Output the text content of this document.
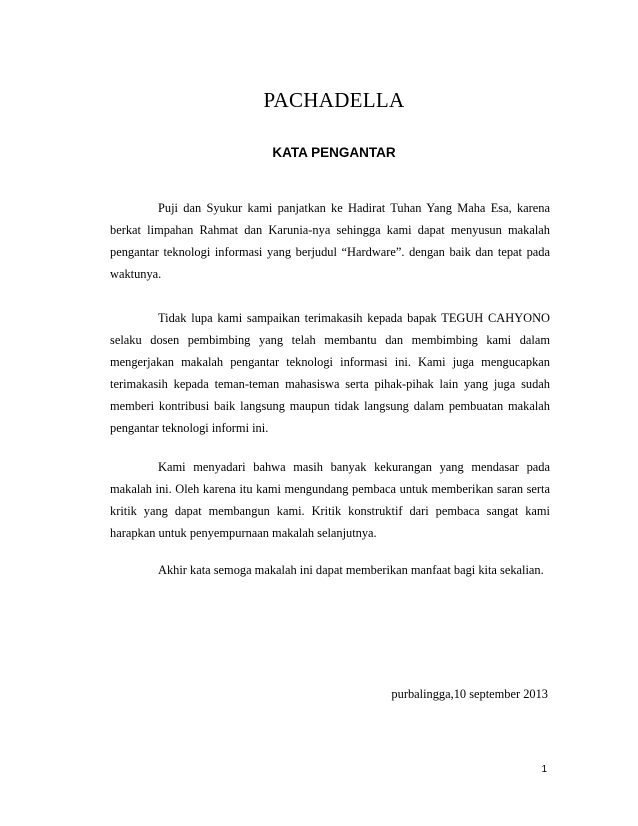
PACHADELLA
KATA PENGANTAR

Puji dan Syukur kami panjatkan ke Hadirat Tuhan Yang Maha Esa, karena berkat limpahan Rahmat dan Karunia-nya sehingga kami dapat menyusun makalah pengantar teknologi informasi yang berjudul “Hardware”. dengan baik dan tepat pada waktunya.

Tidak lupa kami sampaikan terimakasih kepada bapak TEGUH CAHYONO selaku dosen pembimbing yang telah membantu dan membimbing kami dalam mengerjakan makalah pengantar teknologi informasi ini. Kami juga mengucapkan terimakasih kepada teman-teman mahasiswa serta pihak-pihak lain yang juga sudah memberi kontribusi baik langsung maupun tidak langsung dalam pembuatan makalah pengantar teknologi informi ini.

Kami menyadari bahwa masih banyak kekurangan yang mendasar pada makalah ini. Oleh karena itu kami mengundang pembaca untuk memberikan saran serta kritik yang dapat membangun kami. Kritik konstruktif dari pembaca sangat kami harapkan untuk penyempurnaan makalah selanjutnya.

Akhir kata semoga makalah ini dapat memberikan manfaat bagi kita sekalian.

purbalingga,10 september 2013
1
